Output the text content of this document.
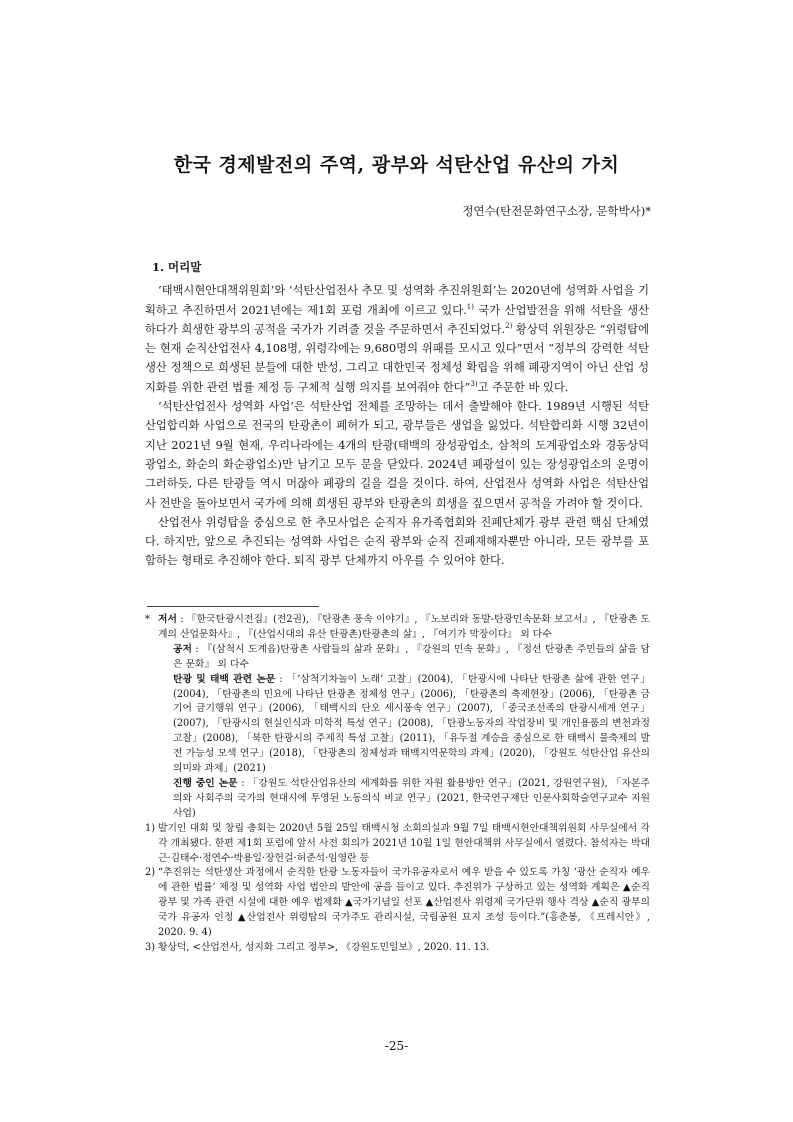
한국 경제발전의 주역, 광부와 석탄산업 유산의 가치
정연수(탄전문화연구소장, 문학박사)*
1. 머리말

‘태백시현안대책위원회’와 ‘석탄산업전사 추모 및 성역화 추진위원회’는 2020년에 성역화 사업을 기획하고 추진하면서 2021년에는 제1회 포럼 개최에 이르고 있다.$^{1)}$ 국가 산업발전을 위해 석탄을 생산하다가 희생한 광부의 공적을 국가가 기려줄 것을 주문하면서 추진되었다.$^{2)}$ 황상덕 위원장은 “위령탑에는 현재 순직산업전사 4,108명, 위령각에는 9,680명의 위패를 모시고 있다”면서 “정부의 강력한 석탄 생산 정책으로 희생된 분들에 대한 반성, 그리고 대한민국 정체성 확립을 위해 폐광지역이 아닌 산업 성지화를 위한 관련 법률 제정 등 구체적 실행 의지를 보여줘야 한다”$^{3)}$고 주문한 바 있다.

‘석탄산업전사 성역화 사업’은 석탄산업 전체를 조망하는 데서 출발해야 한다. 1989년 시행된 석탄산업합리화 사업으로 전국의 탄광촌이 폐허가 되고, 광부들은 생업을 잃었다. 석탄합리화 시행 32년이 지난 2021년 9월 현재, 우리나라에는 4개의 탄광(태백의 장성광업소, 삼척의 도계광업소와 경동상덕광업소, 화순의 화순광업소)만 남기고 모두 문을 닫았다. 2024년 폐광설이 있는 장성광업소의 운명이 그러하듯, 다른 탄광들 역시 머잖아 폐광의 길을 걸을 것이다. 하여, 산업전사 성역화 사업은 석탄산업사 전반을 돌아보면서 국가에 의해 희생된 광부와 탄광촌의 희생을 짚으면서 공적을 가려야 할 것이다.

산업전사 위령탑을 중심으로 한 추모사업은 순직자 유가족협회와 진폐단체가 광부 관련 핵심 단체였다. 하지만, 앞으로 추진되는 성역화 사업은 순직 광부와 순직 진폐재해자뿐만 아니라, 모든 광부를 포함하는 형태로 추진해야 한다. 퇴직 광부 단체까지 아우를 수 있어야 한다.

* 저서 : 『한국탄광시전집』(전2권), 『탄광촌 풍속 이야기』, 『노보리와 동발-탄광민속문화 보고서』, 『탄광촌 도계의 산업문화사』, 『(산업시대의 유산 탄광촌)탄광촌의 삶』, 『여기가 막장이다』 외 다수

공저 : 『(삼척시 도계읍)탄광촌 사람들의 삶과 문화』, 『강원의 민속 문화』, 『정선 탄광촌 주민들의 삶을 담은 문화』 외 다수

탄광 및 태백 관련 논문 : 「‘삼척기차놀이 노래’ 고찰」(2004), 「탄광시에 나타난 탄광촌 삶에 관한 연구」(2004), 「탄광촌의 민요에 나타난 탄광촌 정체성 연구」(2006), 「탄광촌의 축제현장」(2006), 「탄광촌 금기어 금기행위 연구」(2006), 「태백시의 단오 세시풍속 연구」(2007), 「중국조선족의 탄광시세계 연구」(2007), 「탄광시의 현실인식과 미학적 특성 연구」(2008), 「탄광노동자의 작업장비 및 개인용품의 변천과정 고찰」(2008), 「북한 탄광시의 주제적 특성 고찰」(2011), 「유두절 계승을 중심으로 한 태백시 물축제의 발전 가능성 모색 연구」(2018), 「탄광촌의 정체성과 태백지역문학의 과제」(2020), 「강원도 석탄산업 유산의 의미와 과제」(2021)

진행 중인 논문 : 「강원도 석탄산업유산의 세계화를 위한 자원 활용방안 연구」(2021, 강원연구원), 「자본주의와 사회주의 국가의 현대시에 투영된 노동의식 비교 연구」(2021, 한국연구재단 인문사회학술연구교수 지원사업)

1) 발기인 대회 및 창립 총회는 2020년 5월 25일 태백시청 소회의실과 9월 7일 태백시현안대책위원회 사무실에서 각각 개최됐다. 한편 제1회 포럼에 앞서 사전 회의가 2021년 10월 1일 현안대책위 사무실에서 열렸다. 참석자는 박대근·김태수·정연수·박용일·장헌걸·허준석·임영란 등
2) “추진위는 석탄생산 과정에서 순직한 탄광 노동자들이 국가유공자로서 예우 받을 수 있도록 가칭 ‘광산 순직자 예우에 관한 법률’ 제정 및 성역화 사업 법안의 발안에 공을 들이고 있다. 추진위가 구상하고 있는 성역화 계획은 ▲순직광부 및 가족 관련 시설에 대한 예우 법제화 ▲국가기념일 선포 ▲산업전사 위령제 국가단위 행사 격상 ▲순직 광부의 국가 유공자 인정 ▲산업전사 위령탑의 국가주도 관리시설, 국립공원 묘지 조성 등이다.”(홍춘봉, 《프레시안》, 2020. 9. 4)
3) 황상덕, <산업전사, 성지화 그리고 정부>, 《강원도민일보》, 2020. 11. 13.
-25-
